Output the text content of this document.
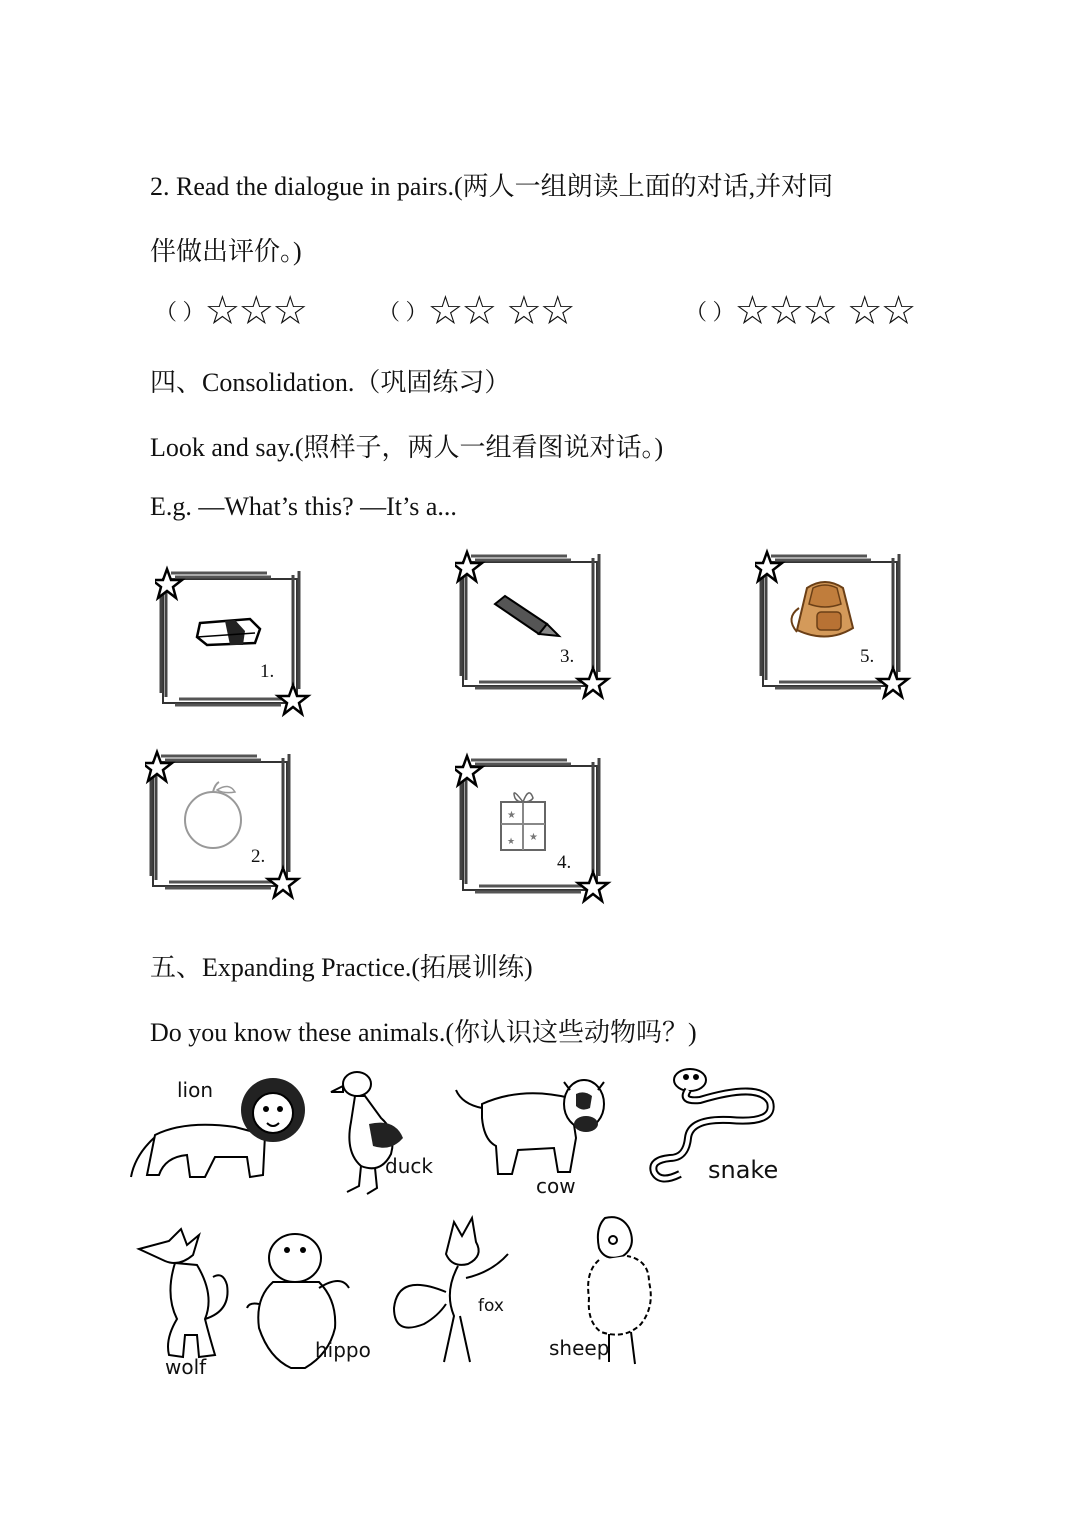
2. Read the dialogue in pairs.(两人一组朗读上面的对话,并对同
伴做出评价。)
（ ）☆☆☆	（ ）☆☆ ☆☆	（ ）☆☆☆ ☆☆
四、Consolidation.（巩固练习）
Look and say.(照样子，两人一组看图说对话。)
E.g. —What’s this? —It’s a...
1.
3.	5.
2.
★
★
★
4.
五、Expanding Practice.(拓展训练)
Do you know these animals.(你认识这些动物吗？)
lion
duck
cow
snake
wolf
hippo
fox
sheep
